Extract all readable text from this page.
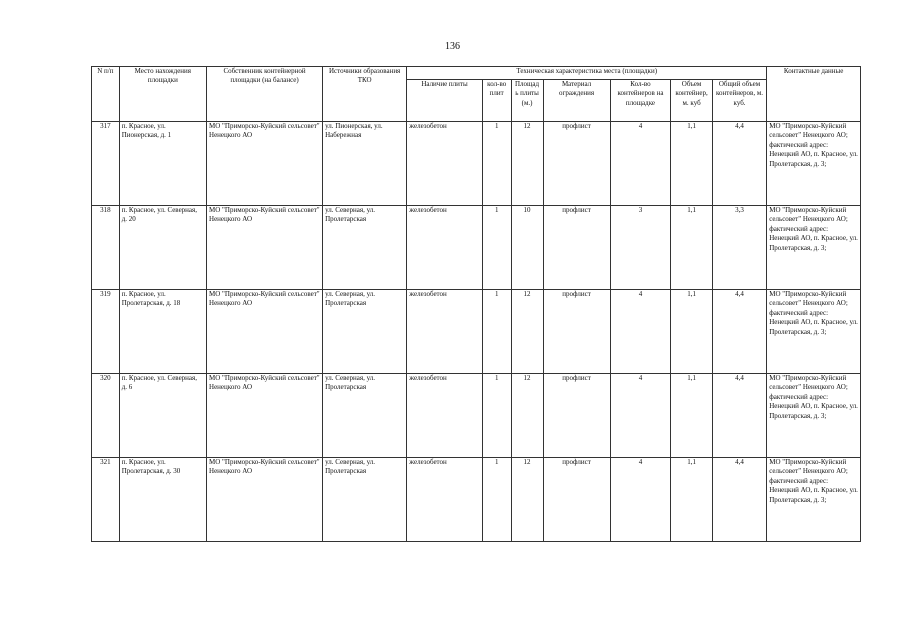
136
N п/п	Место нахождения площадки	Собственник контейнерной площадки (на балансе)	Источники образования ТКО	Техническая характеристика места (площадки)							Контактные данные
				Наличие плиты	кол-во плит	Площадь плиты (м.)	Материал ограждения	Кол-во контейнеров на площадке	Объем контейнер, м. куб	Общий объем контейнеров, м. куб.	
317	п. Красное, ул. Пионерская, д. 1	МО "Приморско-Куйский сельсовет" Ненецкого АО	ул. Пионерская, ул. Набережная	железобетон	1	12	профлист	4	1,1	4,4	МО "Приморско-Куйский сельсовет" Ненецкого АО; фактический адрес: Ненецкий АО, п. Красное, ул. Пролетарская, д. 3;
318	п. Красное, ул. Северная, д. 20	МО "Приморско-Куйский сельсовет" Ненецкого АО	ул. Северная, ул. Пролетарская	железобетон	1	10	профлист	3	1,1	3,3	МО "Приморско-Куйский сельсовет" Ненецкого АО; фактический адрес: Ненецкий АО, п. Красное, ул. Пролетарская, д. 3;
319	п. Красное, ул. Пролетарская, д. 18	МО "Приморско-Куйский сельсовет" Ненецкого АО	ул. Северная, ул. Пролетарская	железобетон	1	12	профлист	4	1,1	4,4	МО "Приморско-Куйский сельсовет" Ненецкого АО; фактический адрес: Ненецкий АО, п. Красное, ул. Пролетарская, д. 3;
320	п. Красное, ул. Северная, д. 6	МО "Приморско-Куйский сельсовет" Ненецкого АО	ул. Северная, ул. Пролетарская	железобетон	1	12	профлист	4	1,1	4,4	МО "Приморско-Куйский сельсовет" Ненецкого АО; фактический адрес: Ненецкий АО, п. Красное, ул. Пролетарская, д. 3;
321	п. Красное, ул. Пролетарская, д. 30	МО "Приморско-Куйский сельсовет" Ненецкого АО	ул. Северная, ул. Пролетарская	железобетон	1	12	профлист	4	1,1	4,4	МО "Приморско-Куйский сельсовет" Ненецкого АО; фактический адрес: Ненецкий АО, п. Красное, ул. Пролетарская, д. 3;
